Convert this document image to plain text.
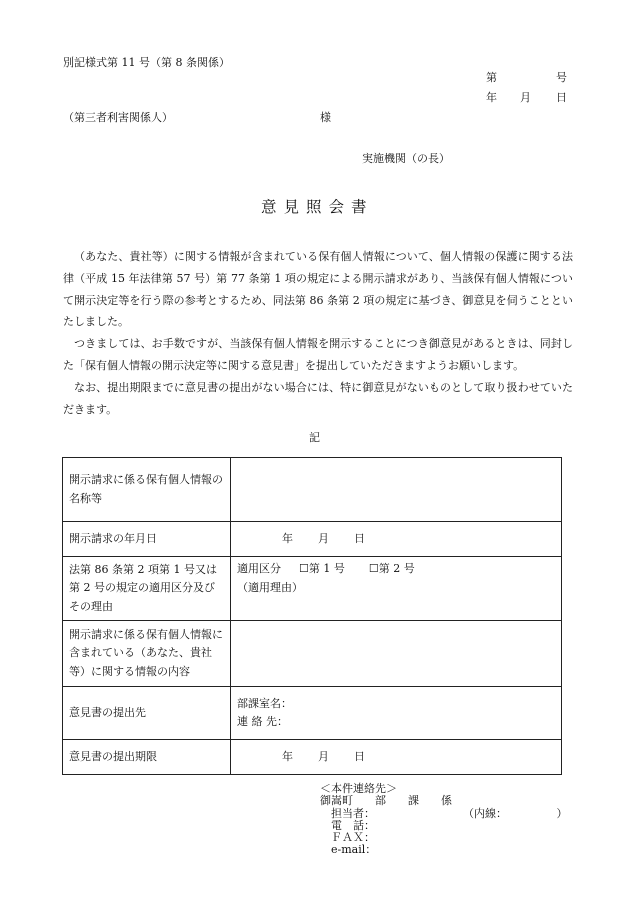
別記様式第 11 号（第 8 条関係）
第	号
年 月 日
（第三者利害関係人）	様
実施機関（の長）
意見照会書

（あなた、貴社等）に関する情報が含まれている保有個人情報について、個人情報の保護に関する法律（平成 15 年法律第 57 号）第 77 条第 1 項の規定による開示請求があり、当該保有個人情報について開示決定等を行う際の参考とするため、同法第 86 条第 2 項の規定に基づき、御意見を伺うことといたしました。

つきましては、お手数ですが、当該保有個人情報を開示することにつき御意見があるときは、同封した「保有個人情報の開示決定等に関する意見書」を提出していただきますようお願いします。

なお、提出期限までに意見書の提出がない場合には、特に御意見がないものとして取り扱わせていただきます。

記
開示請求に係る保有個人情報の名称等	
開示請求の年月日	年 月 日
法第 86 条第 2 項第 1 号又は第 2 号の規定の適用区分及びその理由	適用区分 ☐第 1 号 ☐第 2 号
（適用理由）

開示請求に係る保有個人情報に含まれている（あなた、貴社等）に関する情報の内容	
意見書の提出先	部課室名：
連 絡 先：

意見書の提出期限	年 月 日
＜本件連絡先＞
御嵩町　　部　　課　　係
　担当者：　　　　　　　　　（内線：　　　　　）
　電　話：
　ＦＡＸ：
　e-mail：
